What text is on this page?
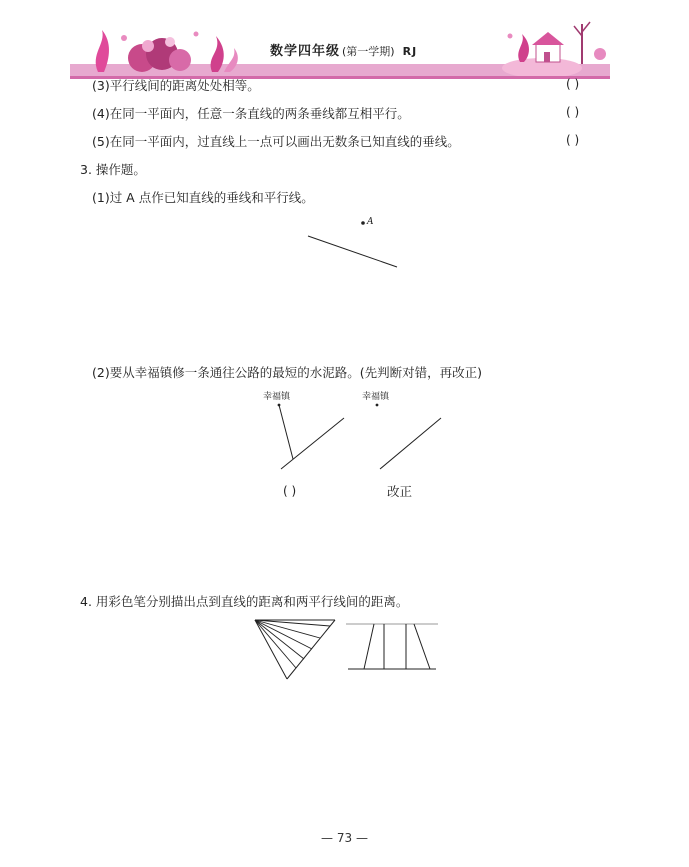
数学四年级 (第一学期) RJ
(3)平行线间的距离处处相等。	( )
(4)在同一平面内，任意一条直线的两条垂线都互相平行。	( )
(5)在同一平面内，过直线上一点可以画出无数条已知直线的垂线。	( )
3. 操作题。
(1)过 A 点作已知直线的垂线和平行线。
A
(2)要从幸福镇修一条通往公路的最短的水泥路。(先判断对错，再改正)
幸福镇	幸福镇
( )	改正
4. 用彩色笔分别描出点到直线的距离和两平行线间的距离。
— 73 —
